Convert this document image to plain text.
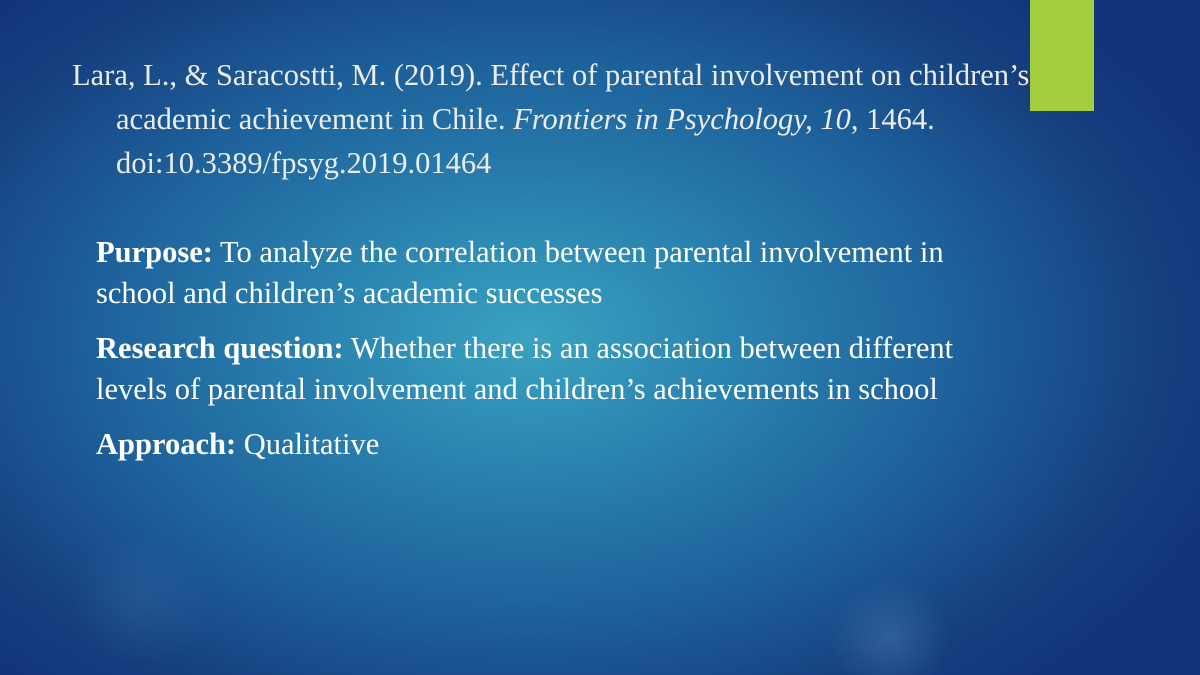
Lara, L., & Saracostti, M. (2019). Effect of parental involvement on children’s academic achievement in Chile. Frontiers in Psychology, 10, 1464. doi:10.3389/fpsyg.2019.01464

Purpose: To analyze the correlation between parental involvement in school and children’s academic successes

Research question: Whether there is an association between different levels of parental involvement and children’s achievements in school

Approach: Qualitative
